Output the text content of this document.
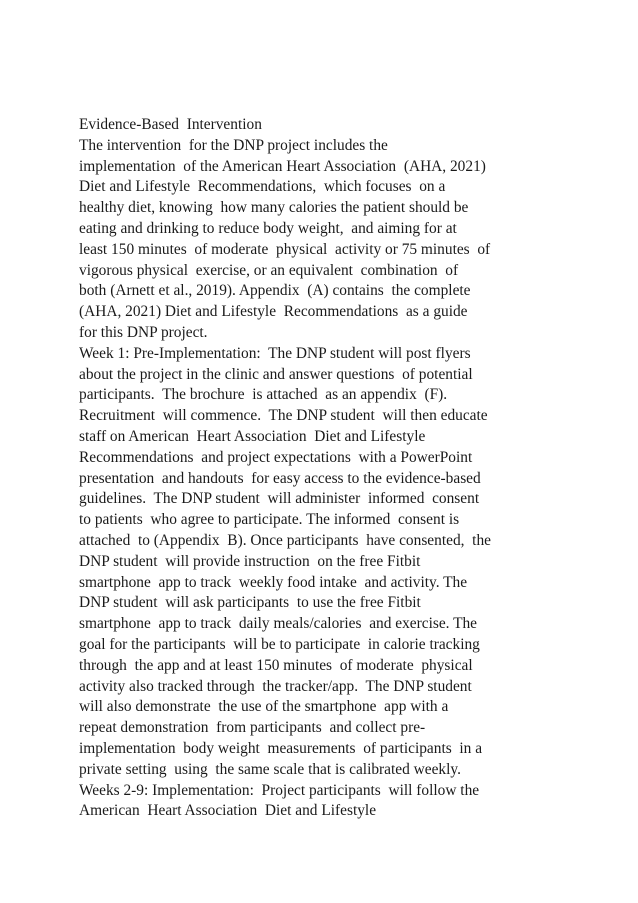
Evidence-Based  Intervention
The intervention  for the DNP project includes the
implementation  of the American Heart Association  (AHA, 2021)
Diet and Lifestyle  Recommendations,  which focuses  on a
healthy diet, knowing  how many calories the patient should be
eating and drinking to reduce body weight,  and aiming for at
least 150 minutes  of moderate  physical  activity or 75 minutes  of
vigorous physical  exercise, or an equivalent  combination  of
both (Arnett et al., 2019). Appendix  (A) contains  the complete
(AHA, 2021) Diet and Lifestyle  Recommendations  as a guide
for this DNP project.
Week 1: Pre-Implementation:  The DNP student will post flyers
about the project in the clinic and answer questions  of potential
participants.  The brochure  is attached  as an appendix  (F).
Recruitment  will commence.  The DNP student  will then educate
staff on American  Heart Association  Diet and Lifestyle
Recommendations  and project expectations  with a PowerPoint
presentation  and handouts  for easy access to the evidence-based
guidelines.  The DNP student  will administer  informed  consent
to patients  who agree to participate. The informed  consent is
attached  to (Appendix  B). Once participants  have consented,  the
DNP student  will provide instruction  on the free Fitbit
smartphone  app to track  weekly food intake  and activity. The
DNP student  will ask participants  to use the free Fitbit
smartphone  app to track  daily meals/calories  and exercise. The
goal for the participants  will be to participate  in calorie tracking
through  the app and at least 150 minutes  of moderate  physical
activity also tracked through  the tracker/app.  The DNP student
will also demonstrate  the use of the smartphone  app with a
repeat demonstration  from participants  and collect pre-
implementation  body weight  measurements  of participants  in a
private setting  using  the same scale that is calibrated weekly.
Weeks 2-9: Implementation:  Project participants  will follow the
American  Heart Association  Diet and Lifestyle
